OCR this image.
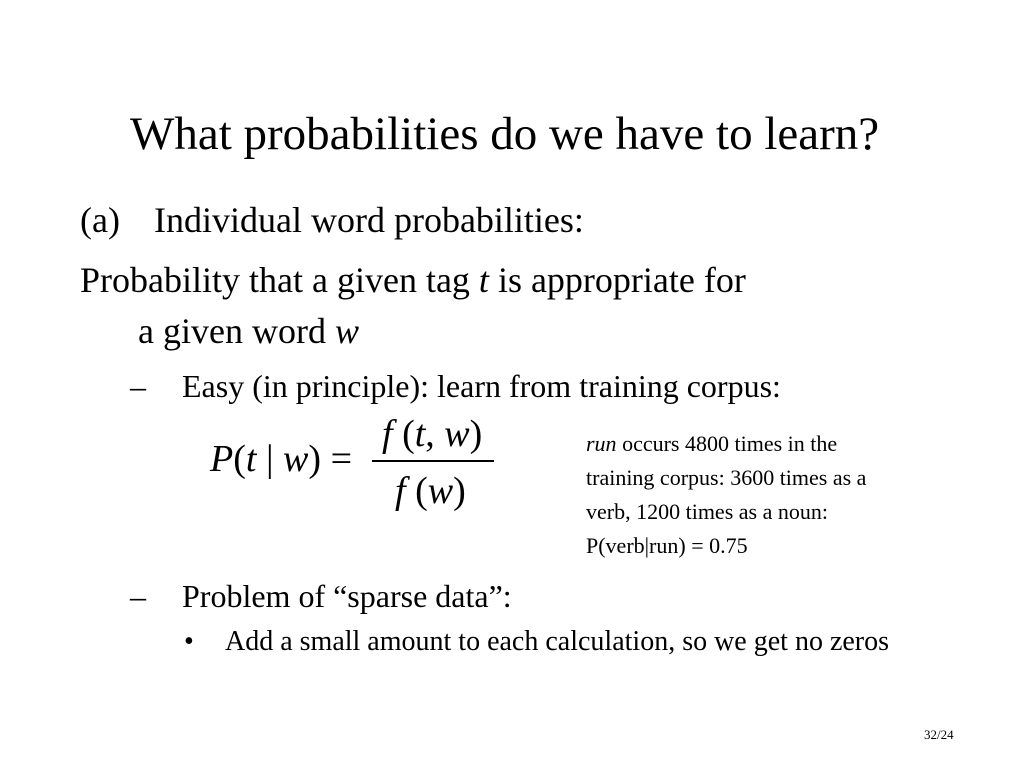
What probabilities do we have to learn?
(a) Individual word probabilities:
Probability that a given tag t is appropriate for
a given word w
– Easy (in principle): learn from training corpus:
P(t | w) =
f (t, w)
f (w)
run occurs 4800 times in the
training corpus: 3600 times as a
verb, 1200 times as a noun:
P(verb|run) = 0.75
– Problem of “sparse data”:
• Add a small amount to each calculation, so we get no zeros
32/24
